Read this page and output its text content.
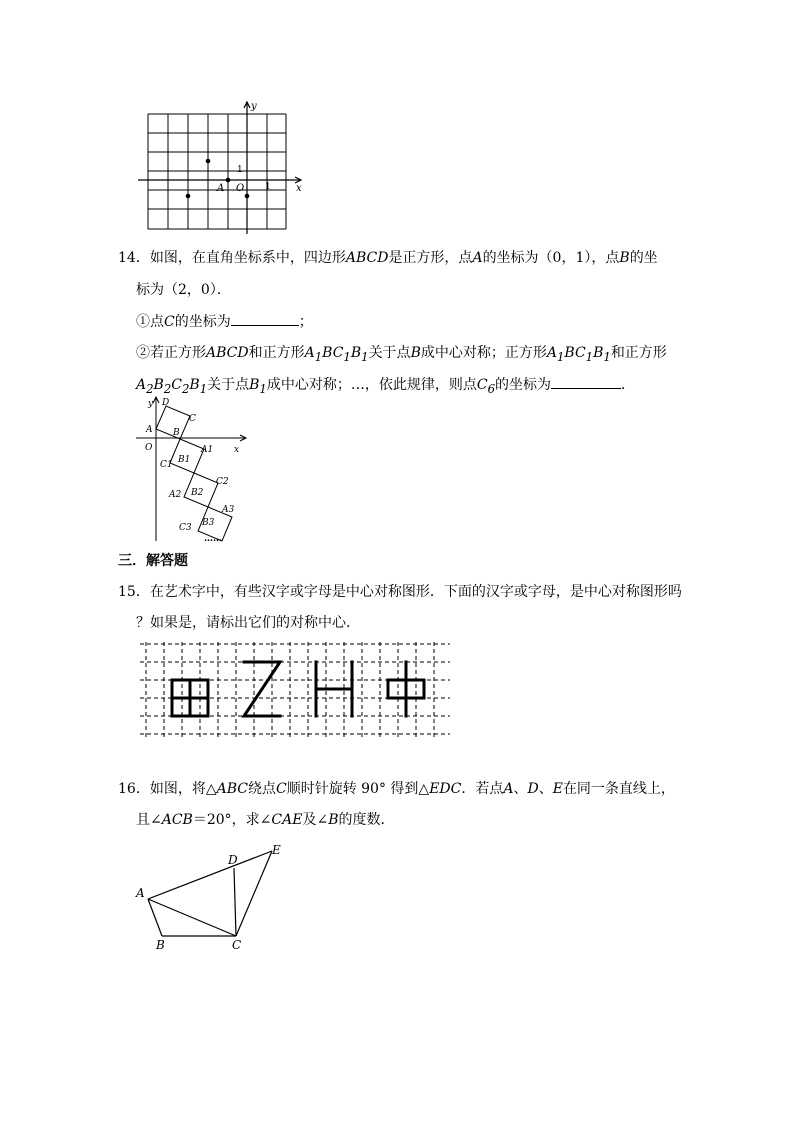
y
x
O
A	1
1
14．如图，在直角坐标系中，四边形ABCD是正方形，点A的坐标为（0，1），点B的坐
标为（2，0）．
①点C的坐标为	；
②若正方形ABCD和正方形$A_1BC_1B_1$关于点B成中心对称；正方形$A_1BC_1B_1$和正方形
$A_2B_2C_2B_1$关于点$B_1$成中心对称；…，依此规律，则点$C_6$的坐标为	．
y D
C
A B
O	A1 x
C1 B1
C2
A2 B2
A3
C3 B3
……
三．解答题
15．在艺术字中，有些汉字或字母是中心对称图形．下面的汉字或字母，是中心对称图形吗
？如果是，请标出它们的对称中心．
16．如图，将△ABC绕点C顺时针旋转 90° 得到△EDC．若点A、D、E在同一条直线上，
且∠ACB＝20°，求∠CAE及∠B的度数．
A
B	C
D
E
